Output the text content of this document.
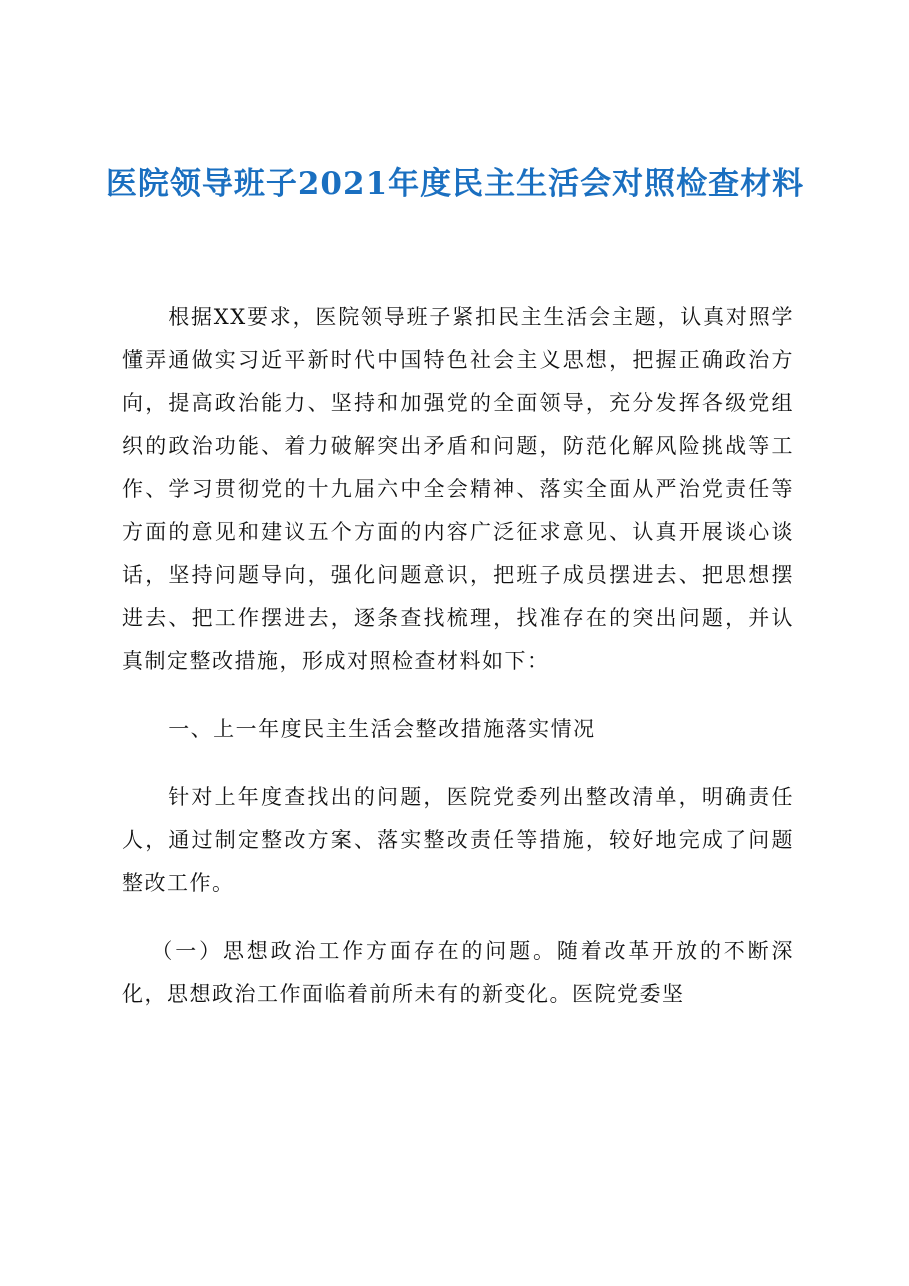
医院领导班子2021年度民主生活会对照检查材料

根据XX要求，医院领导班子紧扣民主生活会主题，认真对照学懂弄通做实习近平新时代中国特色社会主义思想，把握正确政治方向，提高政治能力、坚持和加强党的全面领导，充分发挥各级党组织的政治功能、着力破解突出矛盾和问题，防范化解风险挑战等工作、学习贯彻党的十九届六中全会精神、落实全面从严治党责任等方面的意见和建议五个方面的内容广泛征求意见、认真开展谈心谈话，坚持问题导向，强化问题意识，把班子成员摆进去、把思想摆进去、把工作摆进去，逐条查找梳理，找准存在的突出问题，并认真制定整改措施，形成对照检查材料如下：

一、上一年度民主生活会整改措施落实情况

针对上年度查找出的问题，医院党委列出整改清单，明确责任人，通过制定整改方案、落实整改责任等措施，较好地完成了问题整改工作。

（一）思想政治工作方面存在的问题。随着改革开放的不断深化，思想政治工作面临着前所未有的新变化。医院党委坚
